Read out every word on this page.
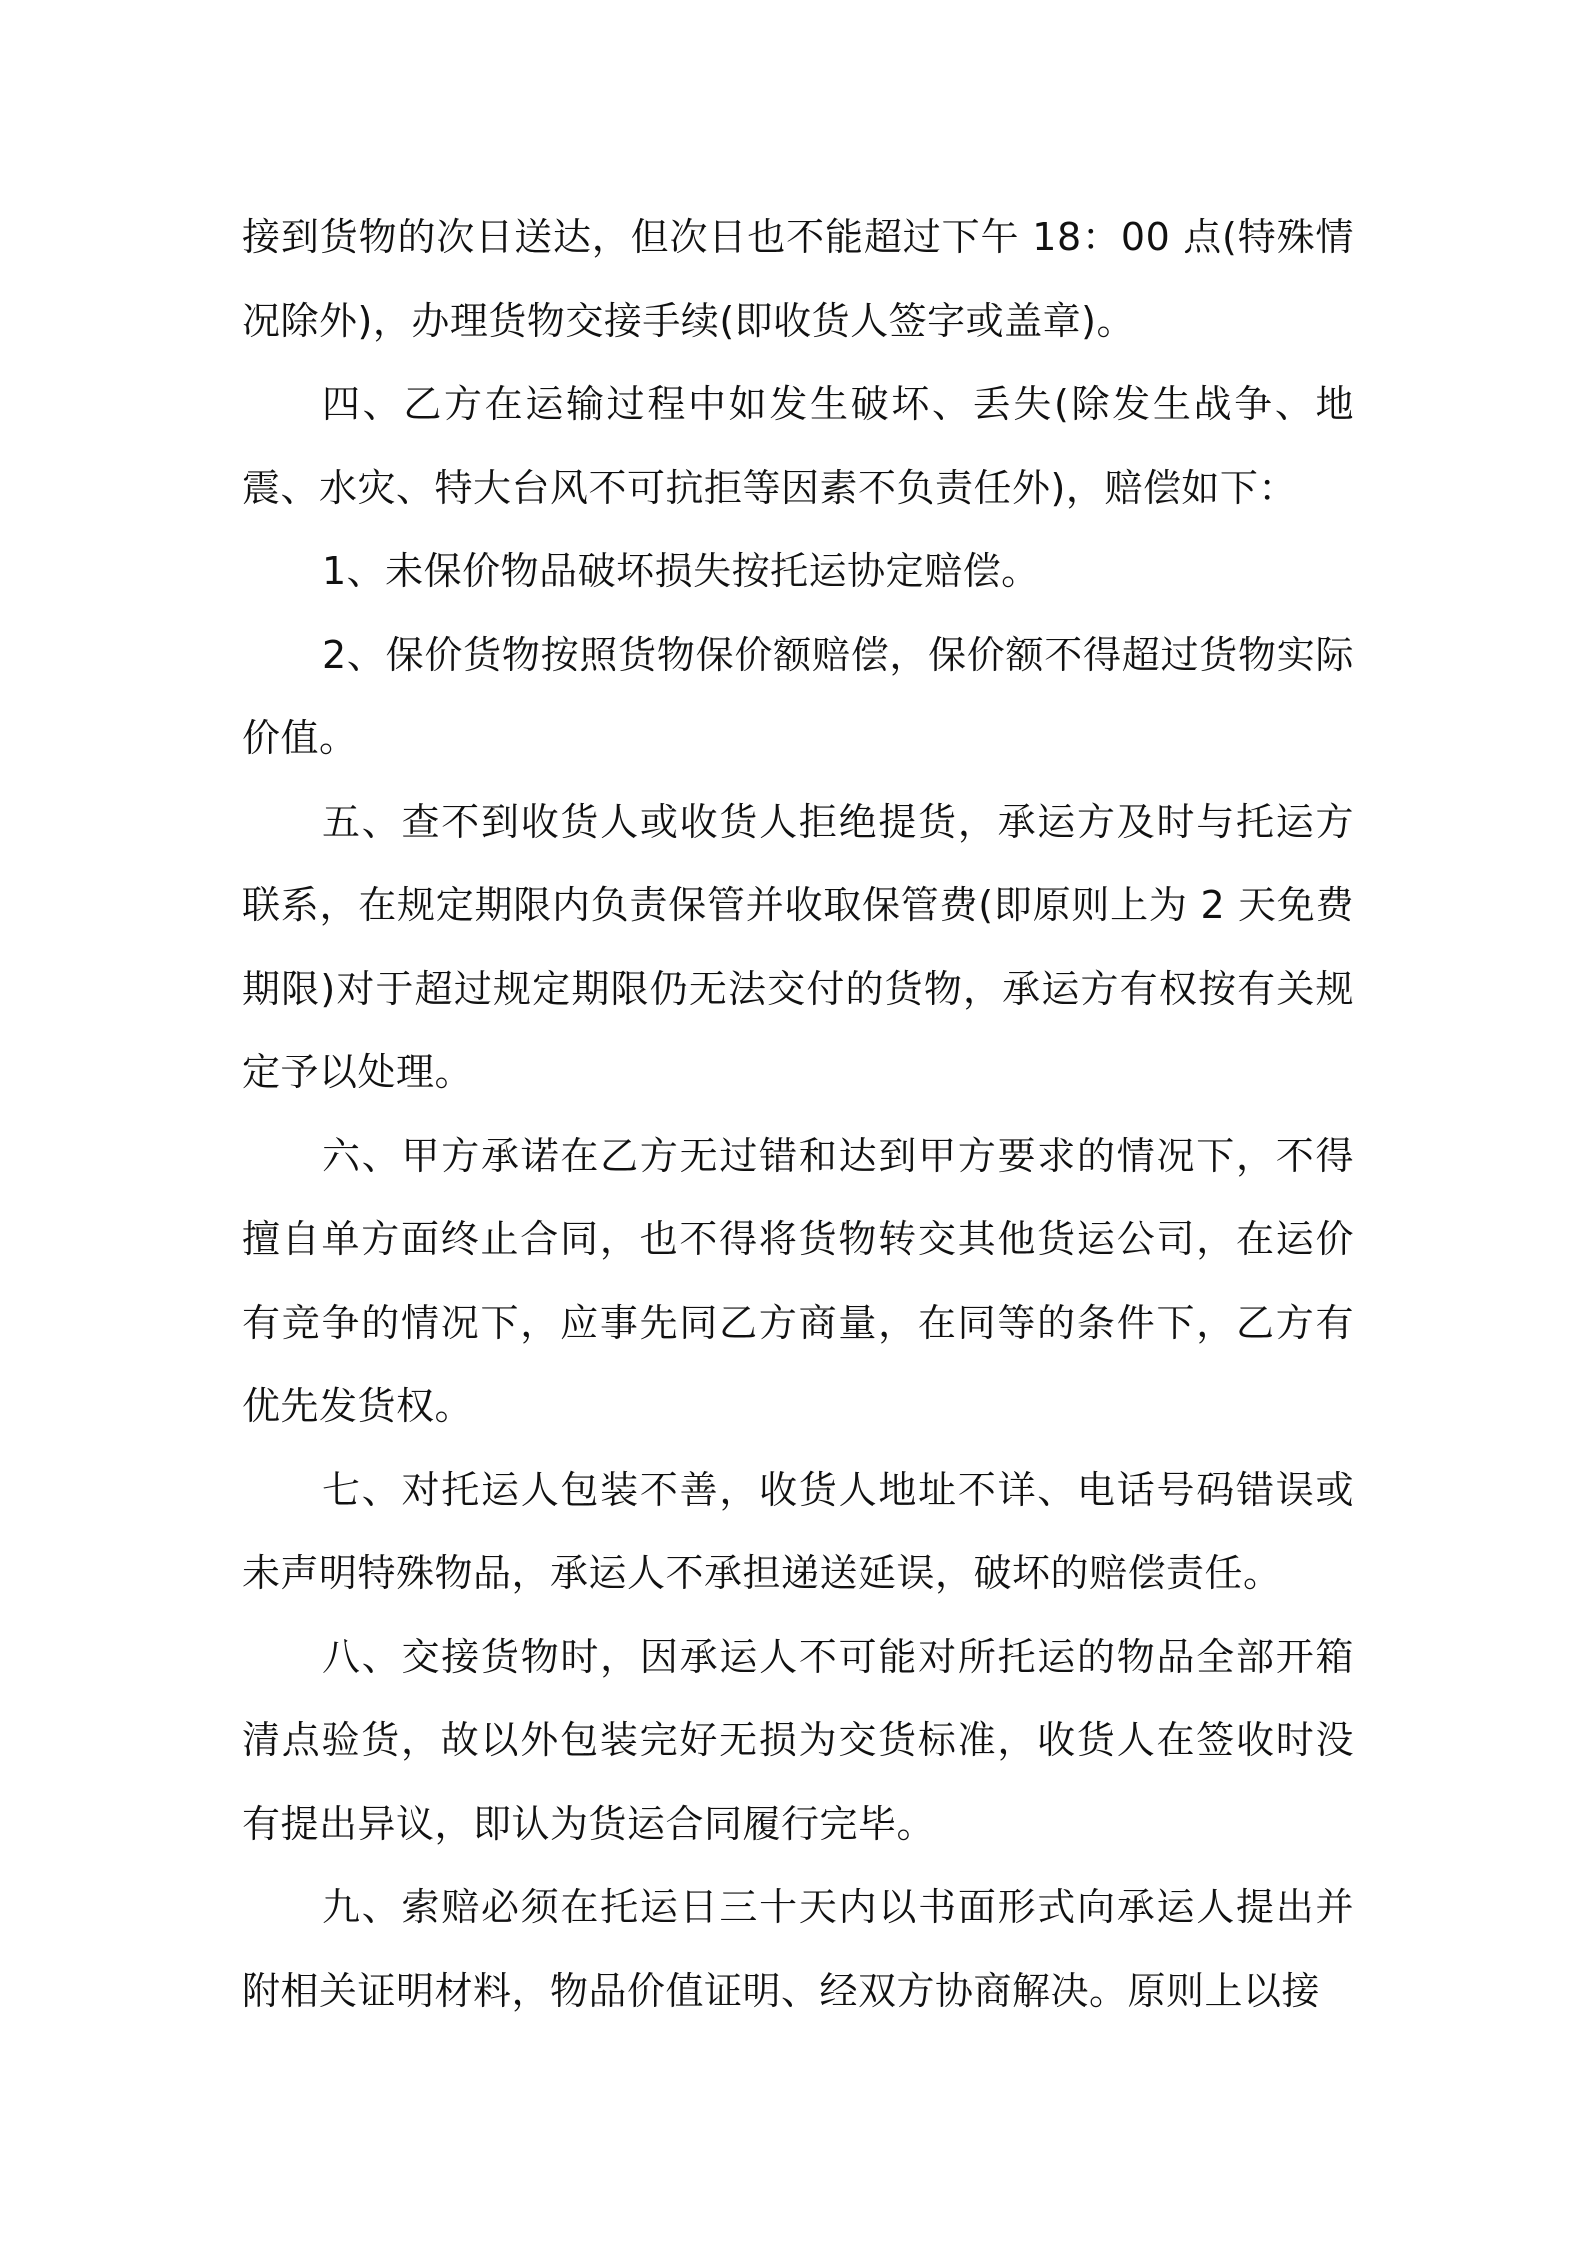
接到货物的次日送达，但次日也不能超过下午 18：00 点(特殊情况除外)，办理货物交接手续(即收货人签字或盖章)。

四、乙方在运输过程中如发生破坏、丢失(除发生战争、地震、水灾、特大台风不可抗拒等因素不负责任外)，赔偿如下：

1、未保价物品破坏损失按托运协定赔偿。

2、保价货物按照货物保价额赔偿，保价额不得超过货物实际价值。

五、查不到收货人或收货人拒绝提货，承运方及时与托运方联系，在规定期限内负责保管并收取保管费(即原则上为 2 天免费期限)对于超过规定期限仍无法交付的货物，承运方有权按有关规定予以处理。

六、甲方承诺在乙方无过错和达到甲方要求的情况下，不得擅自单方面终止合同，也不得将货物转交其他货运公司，在运价有竞争的情况下，应事先同乙方商量，在同等的条件下，乙方有优先发货权。

七、对托运人包装不善，收货人地址不详、电话号码错误或未声明特殊物品，承运人不承担递送延误，破坏的赔偿责任。

八、交接货物时，因承运人不可能对所托运的物品全部开箱清点验货，故以外包装完好无损为交货标准，收货人在签收时没有提出异议，即认为货运合同履行完毕。

九、索赔必须在托运日三十天内以书面形式向承运人提出并附相关证明材料，物品价值证明、经双方协商解决。原则上以接
